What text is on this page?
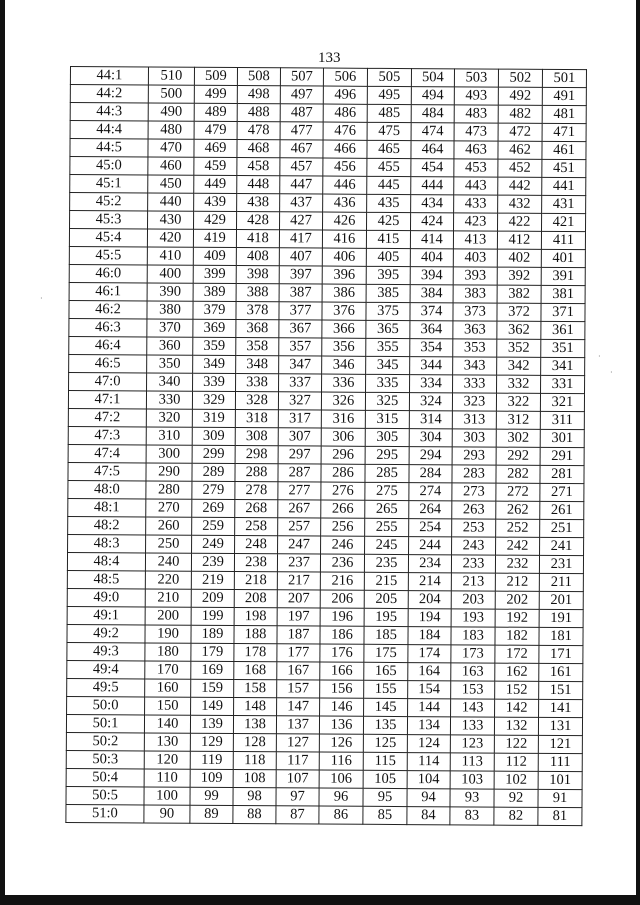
133
44:1	510	509	508	507	506	505	504	503	502	501
44:2	500	499	498	497	496	495	494	493	492	491
44:3	490	489	488	487	486	485	484	483	482	481
44:4	480	479	478	477	476	475	474	473	472	471
44:5	470	469	468	467	466	465	464	463	462	461
45:0	460	459	458	457	456	455	454	453	452	451
45:1	450	449	448	447	446	445	444	443	442	441
45:2	440	439	438	437	436	435	434	433	432	431
45:3	430	429	428	427	426	425	424	423	422	421
45:4	420	419	418	417	416	415	414	413	412	411
45:5	410	409	408	407	406	405	404	403	402	401
46:0	400	399	398	397	396	395	394	393	392	391
46:1	390	389	388	387	386	385	384	383	382	381
46:2	380	379	378	377	376	375	374	373	372	371
46:3	370	369	368	367	366	365	364	363	362	361
46:4	360	359	358	357	356	355	354	353	352	351
46:5	350	349	348	347	346	345	344	343	342	341
47:0	340	339	338	337	336	335	334	333	332	331
47:1	330	329	328	327	326	325	324	323	322	321
47:2	320	319	318	317	316	315	314	313	312	311
47:3	310	309	308	307	306	305	304	303	302	301
47:4	300	299	298	297	296	295	294	293	292	291
47:5	290	289	288	287	286	285	284	283	282	281
48:0	280	279	278	277	276	275	274	273	272	271
48:1	270	269	268	267	266	265	264	263	262	261
48:2	260	259	258	257	256	255	254	253	252	251
48:3	250	249	248	247	246	245	244	243	242	241
48:4	240	239	238	237	236	235	234	233	232	231
48:5	220	219	218	217	216	215	214	213	212	211
49:0	210	209	208	207	206	205	204	203	202	201
49:1	200	199	198	197	196	195	194	193	192	191
49:2	190	189	188	187	186	185	184	183	182	181
49:3	180	179	178	177	176	175	174	173	172	171
49:4	170	169	168	167	166	165	164	163	162	161
49:5	160	159	158	157	156	155	154	153	152	151
50:0	150	149	148	147	146	145	144	143	142	141
50:1	140	139	138	137	136	135	134	133	132	131
50:2	130	129	128	127	126	125	124	123	122	121
50:3	120	119	118	117	116	115	114	113	112	111
50:4	110	109	108	107	106	105	104	103	102	101
50:5	100	99	98	97	96	95	94	93	92	91
51:0	90	89	88	87	86	85	84	83	82	81
·
·
·
